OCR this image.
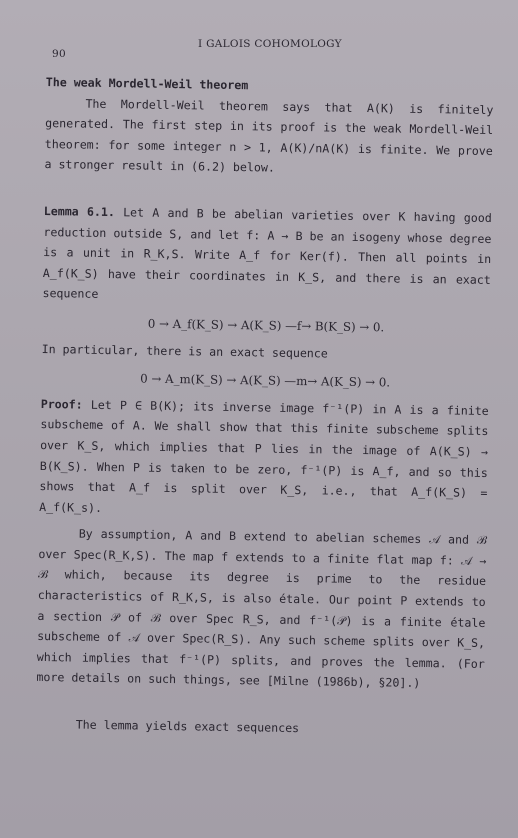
90
I GALOIS COHOMOLOGY

The weak Mordell-Weil theorem

The Mordell-Weil theorem says that A(K) is finitely generated. The first step in its proof is the weak Mordell-Weil theorem: for some integer n > 1, A(K)/nA(K) is finite. We prove a stronger result in (6.2) below.

Lemma 6.1. Let A and B be abelian varieties over K having good reduction outside S, and let f: A → B be an isogeny whose degree is a unit in R_K,S. Write A_f for Ker(f). Then all points in A_f(K_S) have their coordinates in K_S, and there is an exact sequence

0 → A_f(K_S) → A(K_S) —f→ B(K_S) → 0.

In particular, there is an exact sequence

0 → A_m(K_S) → A(K_S) —m→ A(K_S) → 0.

Proof: Let P ∈ B(K); its inverse image f⁻¹(P) in A is a finite subscheme of A. We shall show that this finite subscheme splits over K_S, which implies that P lies in the image of A(K_S) → B(K_S). When P is taken to be zero, f⁻¹(P) is A_f, and so this shows that A_f is split over K_S, i.e., that A_f(K_S) = A_f(K_s).

By assumption, A and B extend to abelian schemes 𝒜 and ℬ over Spec(R_K,S). The map f extends to a finite flat map f: 𝒜 → ℬ which, because its degree is prime to the residue characteristics of R_K,S, is also étale. Our point P extends to a section 𝒫 of ℬ over Spec R_S, and f⁻¹(𝒫) is a finite étale subscheme of 𝒜 over Spec(R_S). Any such scheme splits over K_S, which implies that f⁻¹(P) splits, and proves the lemma. (For more details on such things, see [Milne (1986b), §20].)

The lemma yields exact sequences
